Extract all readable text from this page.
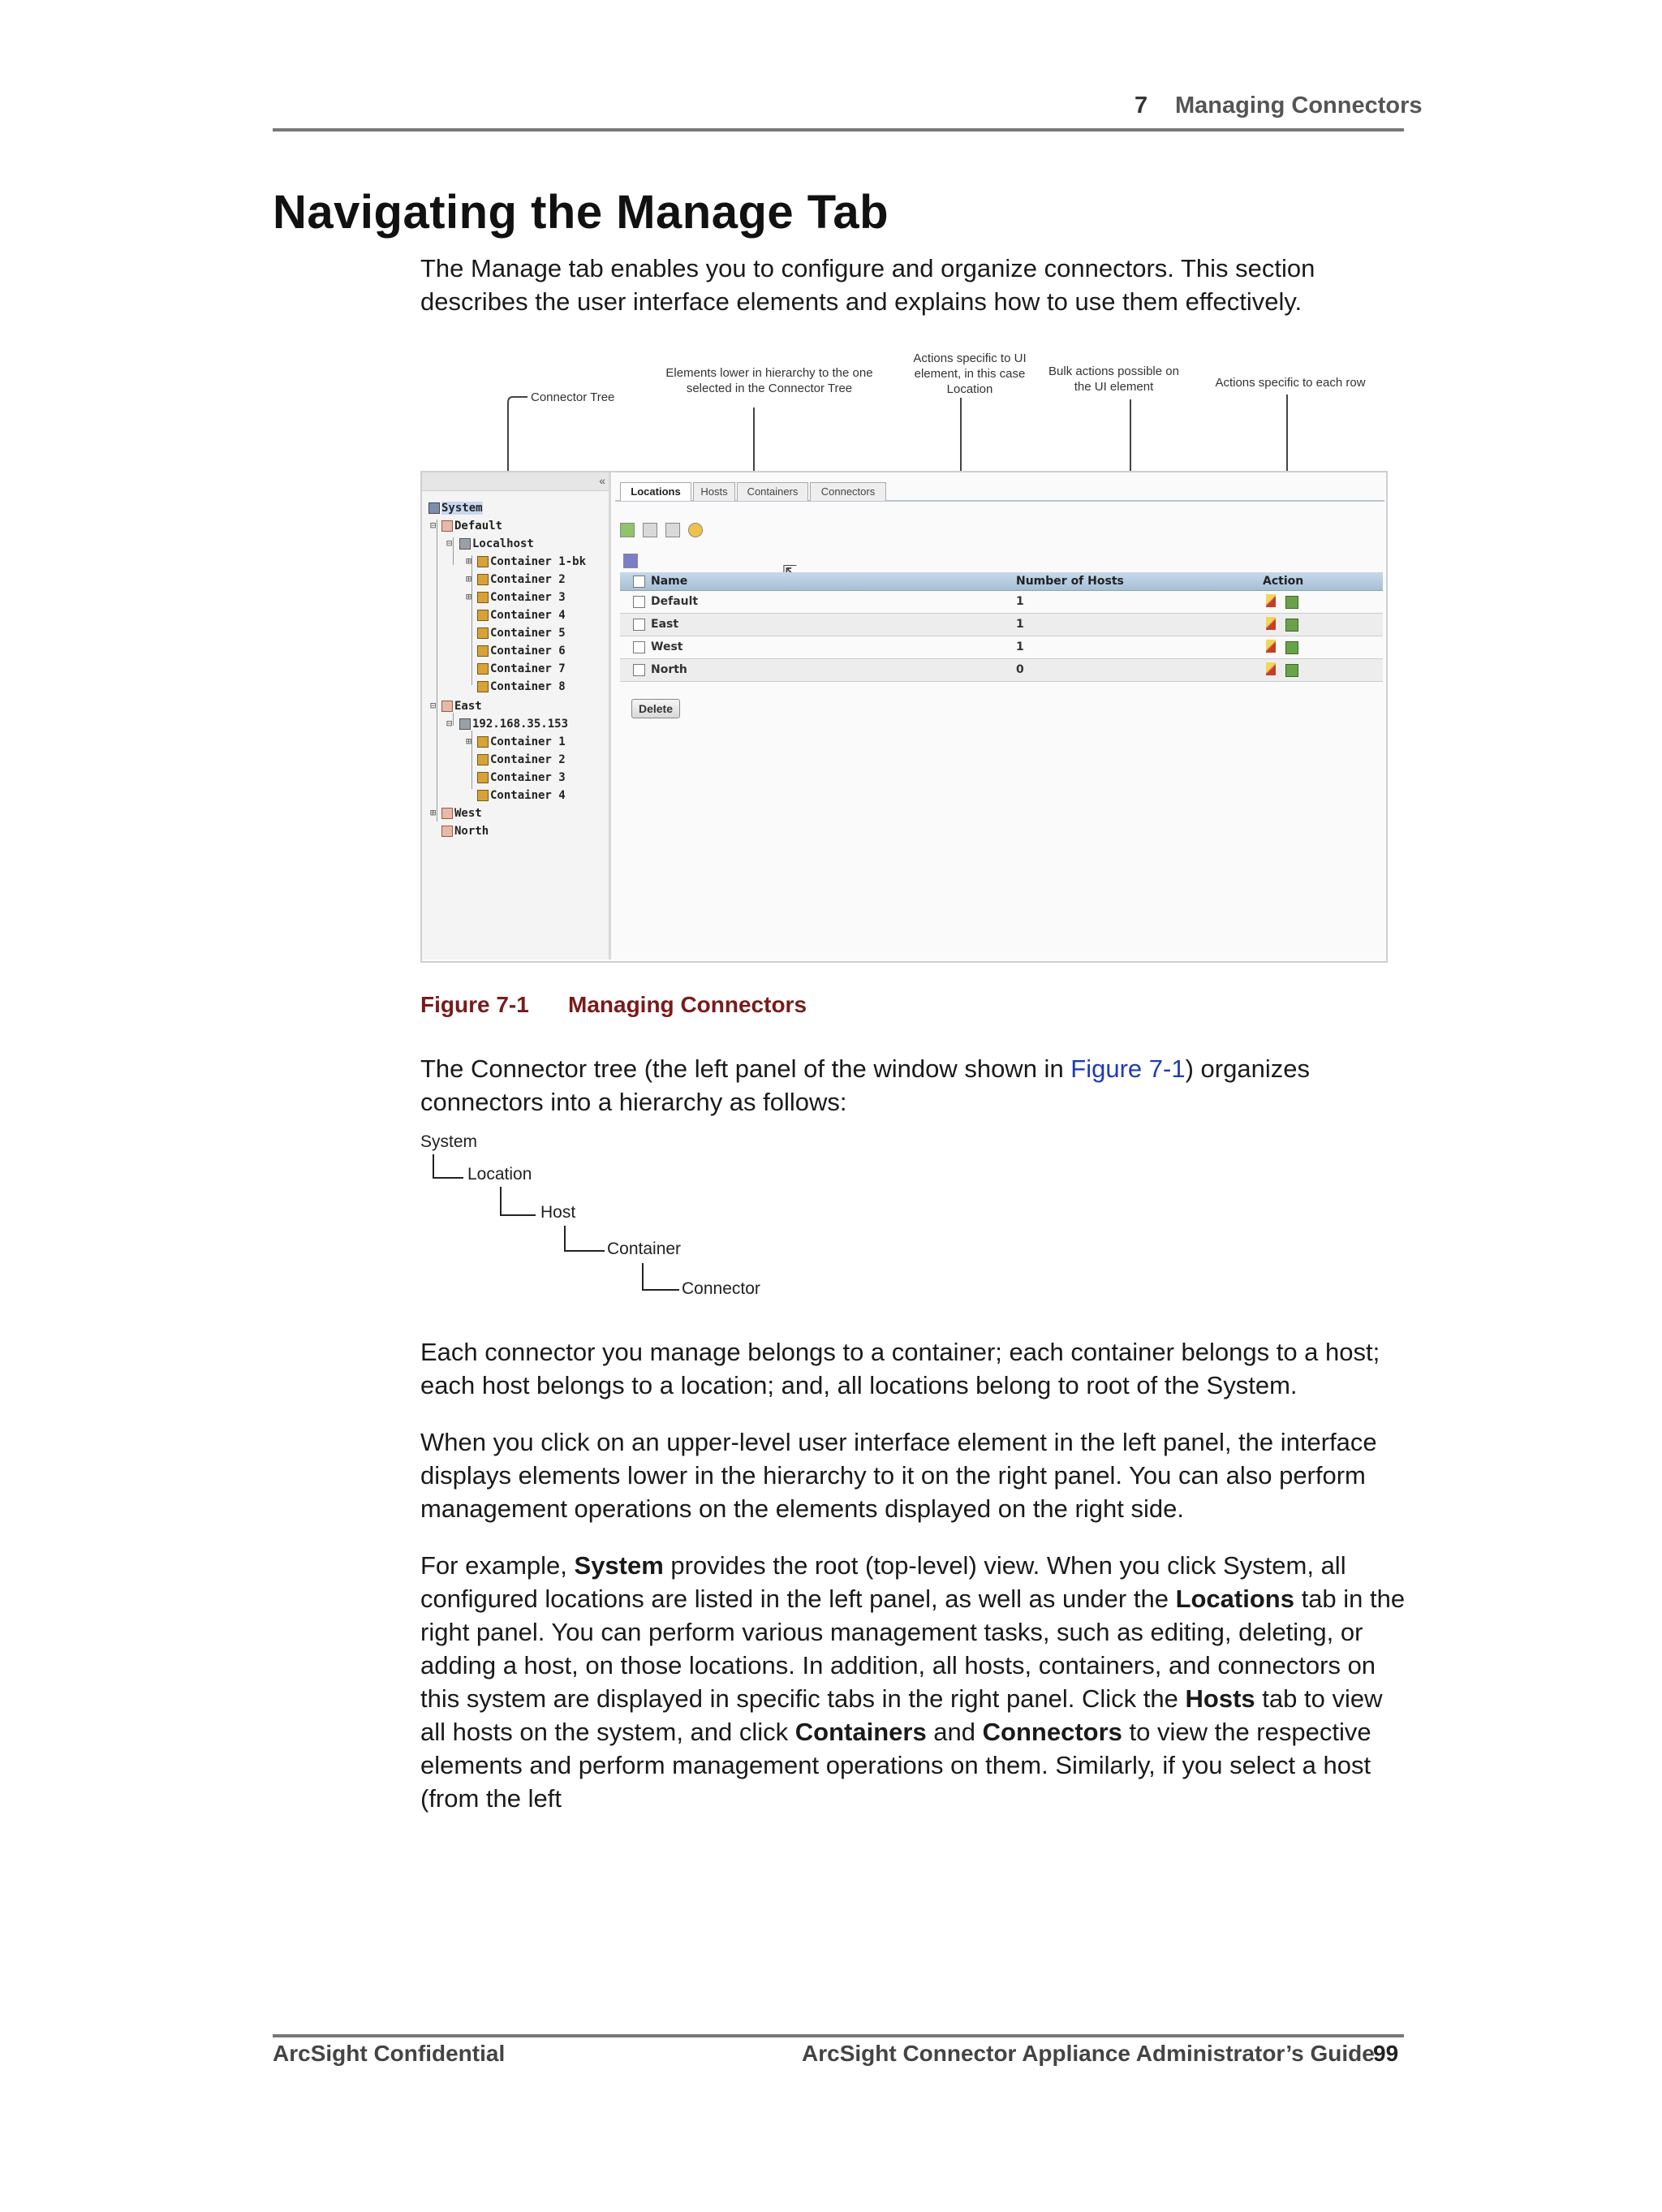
7 Managing Connectors
Navigating the Manage Tab
The Manage tab enables you to configure and organize connectors. This section describes the user interface elements and explains how to use them effectively.
Connector Tree
Elements lower in hierarchy to the one selected in the Connector Tree
Actions specific to UI element, in this case Location
Bulk actions possible on the UI element	Actions specific to each row
«
System
⊟	Default
⊟	Localhost
⊞	Container 1-bk
⊞	Container 2
⊞	Container 3
Container 4
Container 5
Container 6
Container 7
Container 8
⊟	East
⊟	192.168.35.153
⊞	Container 1
Container 2
Container 3
Container 4
⊞	West
North
Locations	Hosts	Containers	Connectors
Name	Number of Hosts	Action
Default	1
East	1
West	1
North	0
Delete
Figure 7-1 Managing Connectors
The Connector tree (the left panel of the window shown in Figure 7-1) organizes connectors into a hierarchy as follows:
System
Location
Host
Container
Connector
Each connector you manage belongs to a container; each container belongs to a host; each host belongs to a location; and, all locations belong to root of the System.
When you click on an upper-level user interface element in the left panel, the interface displays elements lower in the hierarchy to it on the right panel. You can also perform management operations on the elements displayed on the right side.
For example, System provides the root (top-level) view. When you click System, all configured locations are listed in the left panel, as well as under the Locations tab in the right panel. You can perform various management tasks, such as editing, deleting, or adding a host, on those locations. In addition, all hosts, containers, and connectors on this system are displayed in specific tabs in the right panel. Click the Hosts tab to view all hosts on the system, and click Containers and Connectors to view the respective elements and perform management operations on them. Similarly, if you select a host (from the left
ArcSight Confidential	ArcSight Connector Appliance Administrator’s Guide
99
